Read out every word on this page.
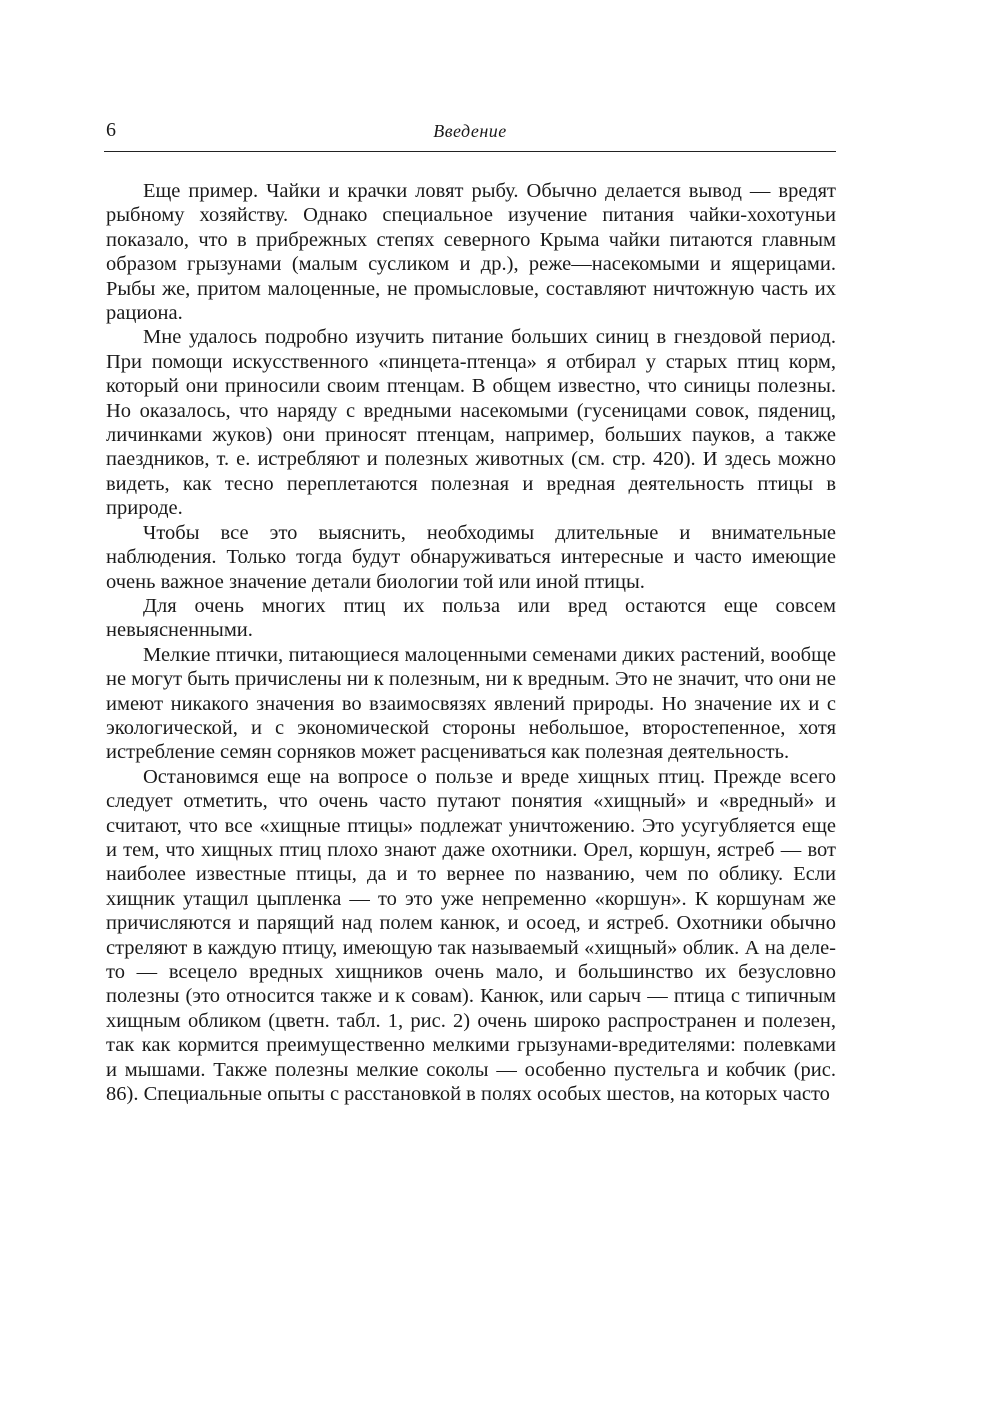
6	Введение

Еще пример. Чайки и крачки ловят рыбу. Обычно делается вывод — вредят рыбному хозяйству. Однако специальное изучение питания чайки-хохотуньи показало, что в прибрежных степях северного Крыма чайки питаются главным образом грызунами (малым сусликом и др.), реже—насекомыми и ящерицами. Рыбы же, притом малоценные, не промысловые, составляют ничтожную часть их рациона.

Мне удалось подробно изучить питание больших синиц в гнездовой период. При помощи искусственного «пинцета-птенца» я отбирал у старых птиц корм, который они приносили своим птенцам. В общем известно, что синицы полезны. Но оказалось, что наряду с вредными насекомыми (гусеницами совок, пядениц, личинками жуков) они приносят птенцам, например, больших пауков, а также паездников, т. е. истребляют и полезных животных (см. стр. 420). И здесь можно видеть, как тесно переплетаются полезная и вредная деятельность птицы в природе.

Чтобы все это выяснить, необходимы длительные и внимательные наблюдения. Только тогда будут обнаруживаться интересные и часто имеющие очень важное значение детали биологии той или иной птицы.

Для очень многих птиц их польза или вред остаются еще совсем невыясненными.

Мелкие птички, питающиеся малоценными семенами диких растений, вообще не могут быть причислены ни к полезным, ни к вредным. Это не значит, что они не имеют никакого значения во взаимосвязях явлений природы. Но значение их и с экологической, и с экономической стороны небольшое, второстепенное, хотя истребление семян сорняков может расцениваться как полезная деятельность.

Остановимся еще на вопросе о пользе и вреде хищных птиц. Прежде всего следует отметить, что очень часто путают понятия «хищный» и «вредный» и считают, что все «хищные птицы» подлежат уничтожению. Это усугубляется еще и тем, что хищных птиц плохо знают даже охотники. Орел, коршун, ястреб — вот наиболее известные птицы, да и то вернее по названию, чем по облику. Если хищник утащил цыпленка — то это уже непременно «коршун». К коршунам же причисляются и парящий над полем канюк, и осоед, и ястреб. Охотники обычно стреляют в каждую птицу, имеющую так называемый «хищный» облик. А на деле-то — всецело вредных хищников очень мало, и большинство их безусловно полезны (это относится также и к совам). Канюк, или сарыч — птица с типичным хищным обликом (цветн. табл. 1, рис. 2) очень широко распространен и полезен, так как кормится преимущественно мелкими грызунами-вредителями: полевками и мышами. Также полезны мелкие соколы — особенно пустельга и кобчик (рис. 86). Специальные опыты с расстановкой в полях особых шестов, на которых часто
